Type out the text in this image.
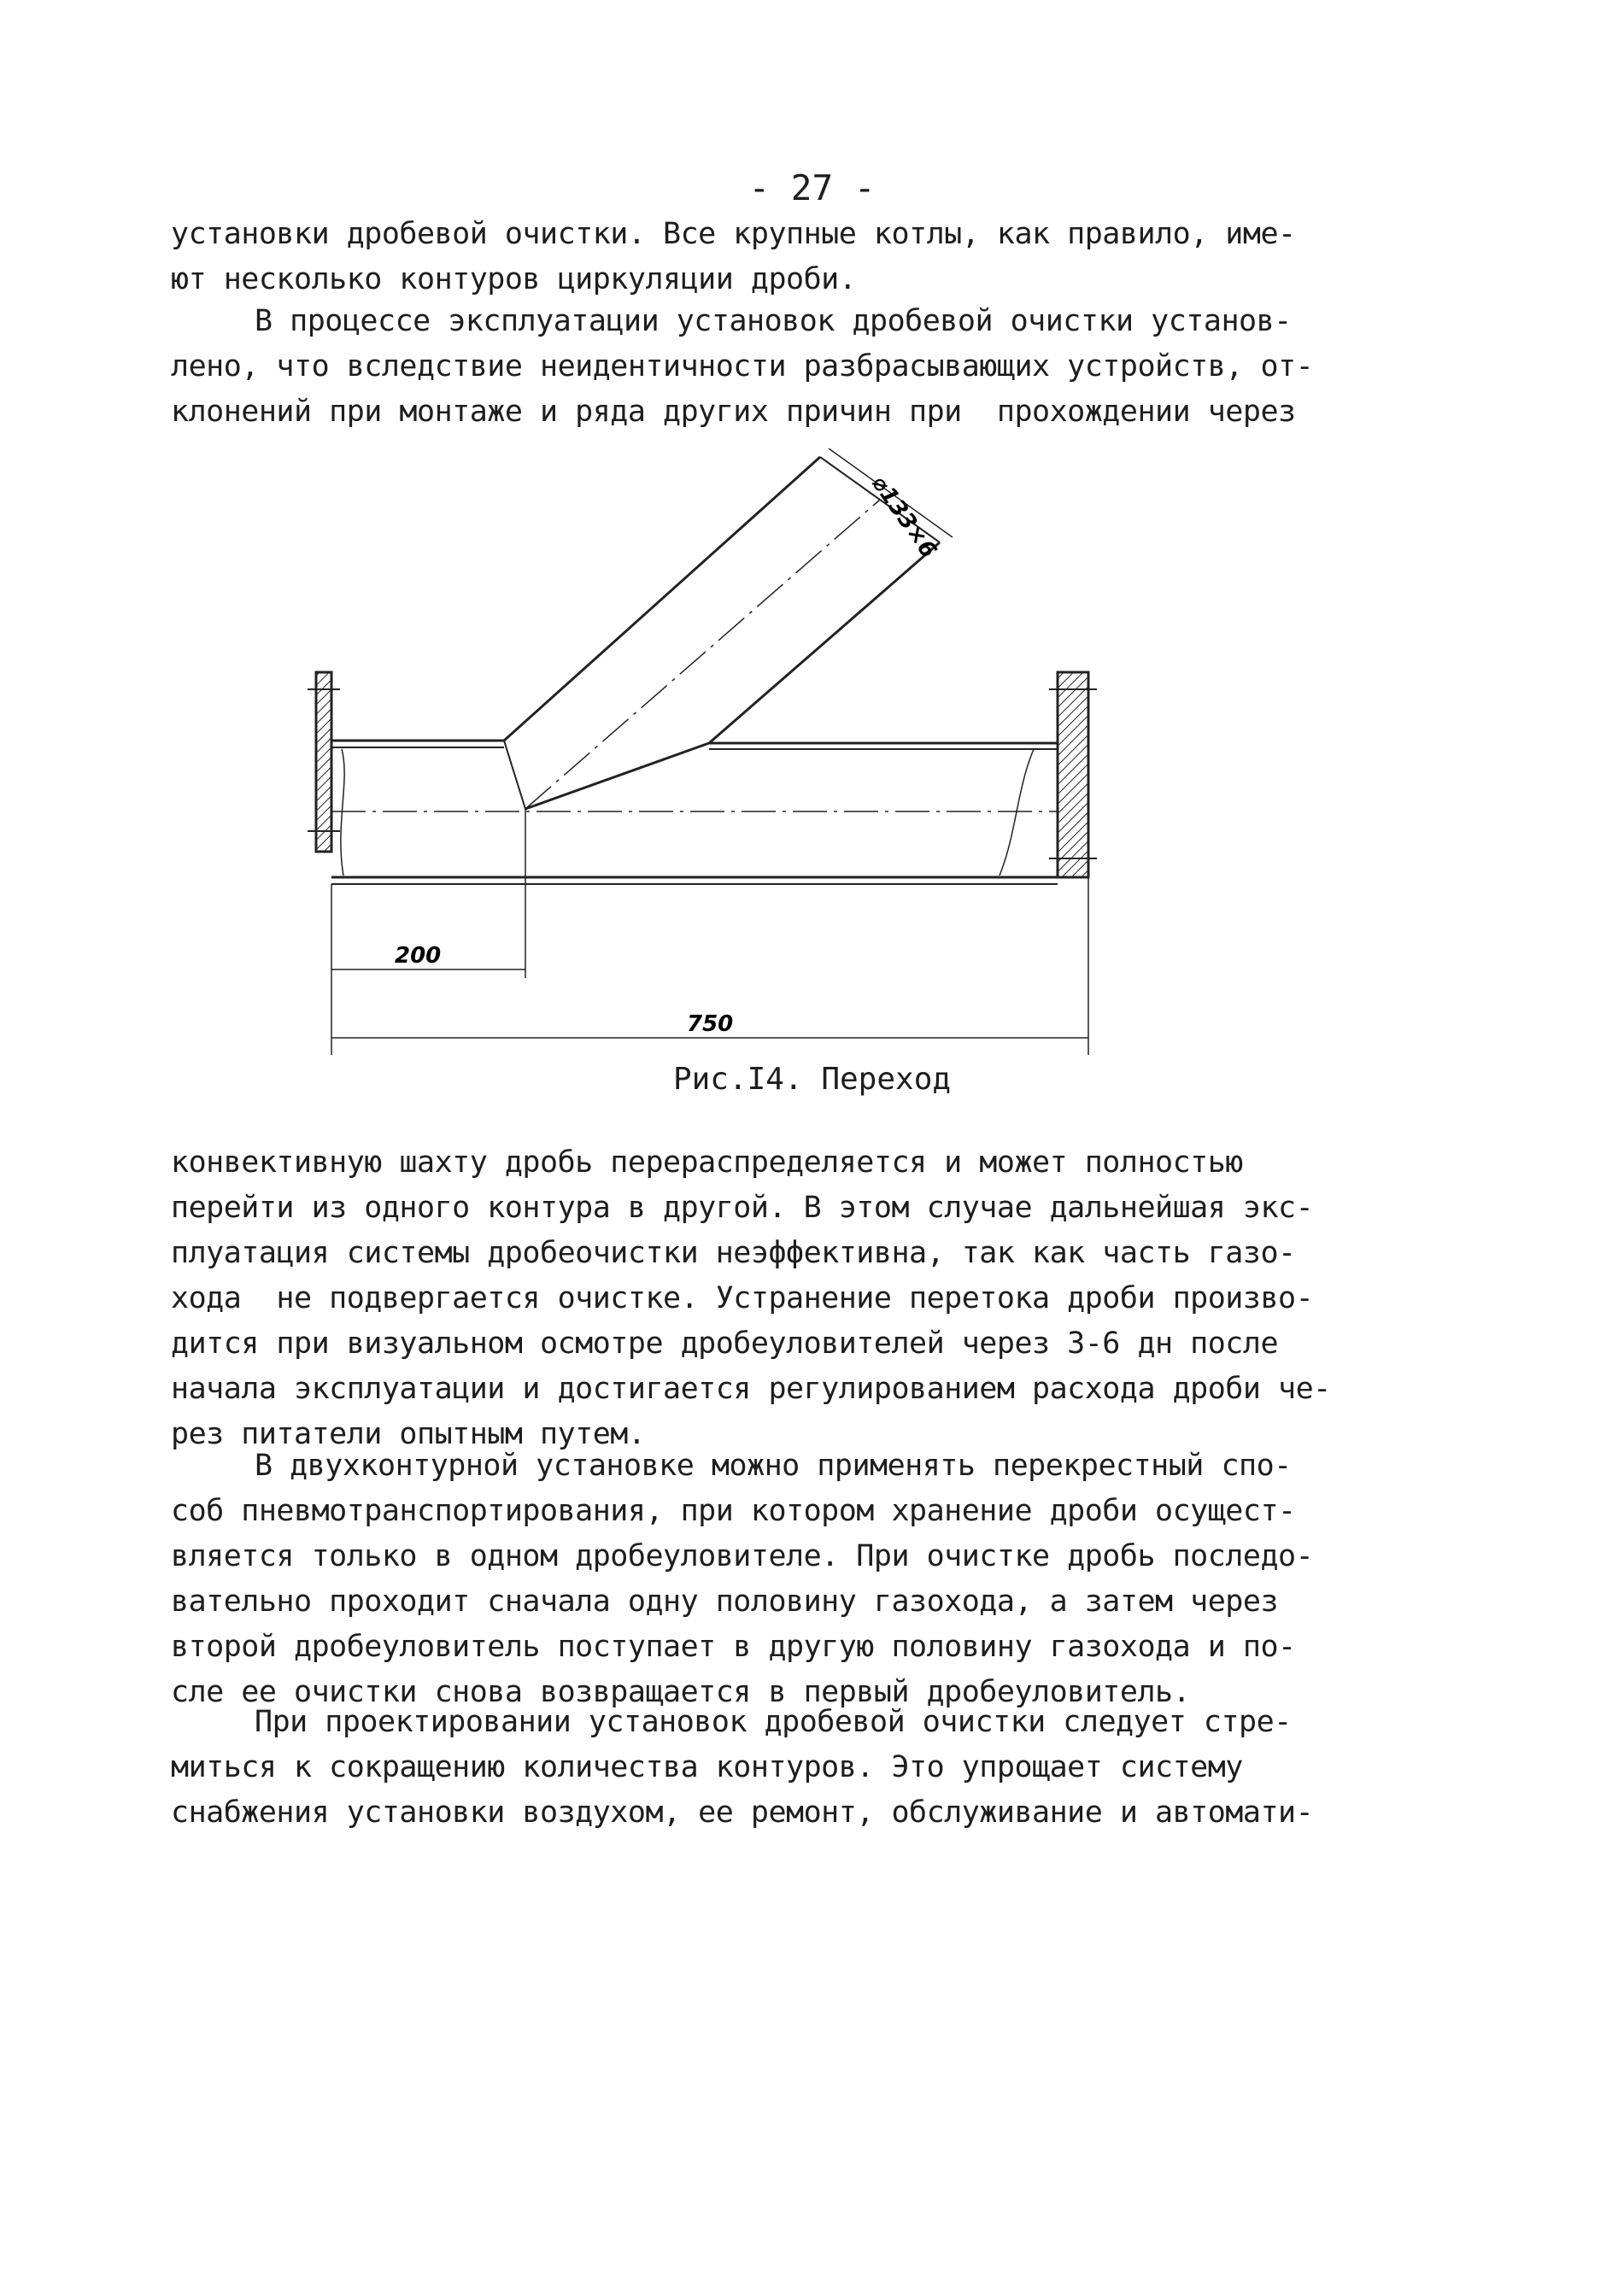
- 27 -

установки дробевой очистки. Все крупные котлы, как правило, име-
ют несколько контуров циркуляции дроби.

В процессе эксплуатации установок дробевой очистки установ-
лено, что вследствие неидентичности разбрасывающих устройств, от-
клонений при монтаже и ряда других причин при  прохождении через

200
750
⌀133×6
Рис.I4. Переход

конвективную шахту дробь перераспределяется и может полностью
перейти из одного контура в другой. В этом случае дальнейшая экс-
плуатация системы дробеочистки неэффективна, так как часть газо-
хода  не подвергается очистке. Устранение перетока дроби произво-
дится при визуальном осмотре дробеуловителей через 3-6 дн после
начала эксплуатации и достигается регулированием расхода дроби че-
рез питатели опытным путем.

В двухконтурной установке можно применять перекрестный спо-
соб пневмотранспортирования, при котором хранение дроби осущест-
вляется только в одном дробеуловителе. При очистке дробь последо-
вательно проходит сначала одну половину газохода, а затем через
второй дробеуловитель поступает в другую половину газохода и по-
сле ее очистки снова возвращается в первый дробеуловитель.

При проектировании установок дробевой очистки следует стре-
миться к сокращению количества контуров. Это упрощает систему
снабжения установки воздухом, ее ремонт, обслуживание и автомати-
